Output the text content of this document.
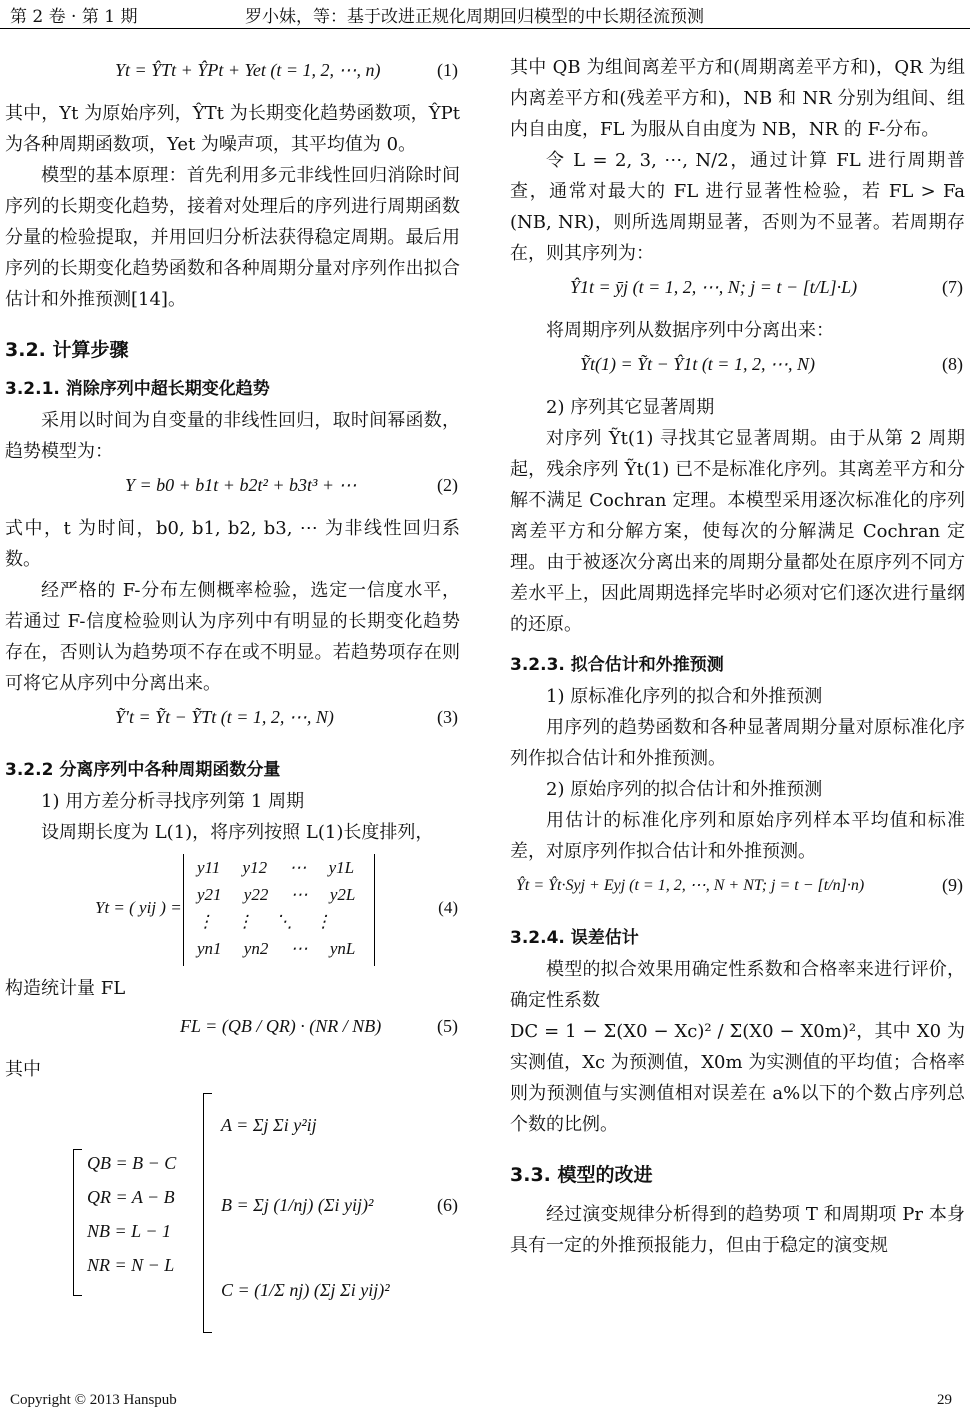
第 2 卷 · 第 1 期	罗小妹，等：基于改进正规化周期回归模型的中长期径流预测
Yt = ŶTt + ŶPt + Yet (t = 1, 2, ⋯, n)	(1)

其中，Yt 为原始序列，ŶTt 为长期变化趋势函数项，ŶPt 为各种周期函数项，Yet 为噪声项，其平均值为 0。

模型的基本原理：首先利用多元非线性回归消除时间序列的长期变化趋势，接着对处理后的序列进行周期函数分量的检验提取，并用回归分析法获得稳定周期。最后用序列的长期变化趋势函数和各种周期分量对序列作出拟合估计和外推预测[14]。

3.2. 计算步骤
3.2.1. 消除序列中超长期变化趋势

采用以时间为自变量的非线性回归，取时间幂函数，趋势模型为：

Y = b0 + b1t + b2t² + b3t³ + ⋯	(2)

式中，t 为时间，b0, b1, b2, b3, ⋯ 为非线性回归系数。

经严格的 F-分布左侧概率检验，选定一信度水平，若通过 F-信度检验则认为序列中有明显的长期变化趋势存在，否则认为趋势项不存在或不明显。若趋势项存在则可将它从序列中分离出来。

Ỹ′t = Ỹt − ỸTt (t = 1, 2, ⋯, N)	(3)
3.2.2 分离序列中各种周期函数分量

1) 用方差分析寻找序列第 1 周期

设周期长度为 L(1)，将序列按照 L(1)长度排列，

Yt = ( yij ) =
y11 y12 ⋯ y1L
y21 y22 ⋯ y2L
⋮ ⋮ ⋱ ⋮
yn1 yn2 ⋯ ynL
(4)

构造统计量 FL

FL = (QB / QR) · (NR / NB)	(5)

其中

QB = B − C
QR = A − B
NB = L − 1
NR = N − L
A = Σj Σi y²ij
B = Σj (1/nj) (Σi yij)²
C = (1/Σ nj) (Σj Σi yij)²
(6)

其中 QB 为组间离差平方和(周期离差平方和)，QR 为组内离差平方和(残差平方和)，NB 和 NR 分别为组间、组内自由度，FL 为服从自由度为 NB，NR 的 F-分布。

令 L = 2, 3, ⋯, N/2，通过计算 FL 进行周期普查，通常对最大的 FL 进行显著性检验，若 FL > Fa (NB, NR)，则所选周期显著，否则为不显著。若周期存在，则其序列为：

Ŷ1t = ȳj (t = 1, 2, ⋯, N; j = t − [t/L]·L)	(7)

将周期序列从数据序列中分离出来：

Ỹt(1) = Ỹt − Ŷ1t (t = 1, 2, ⋯, N)	(8)

2) 序列其它显著周期

对序列 Ỹt(1) 寻找其它显著周期。由于从第 2 周期起，残余序列 Ỹt(1) 已不是标准化序列。其离差平方和分解不满足 Cochran 定理。本模型采用逐次标准化的序列离差平方和分解方案，使每次的分解满足 Cochran 定理。由于被逐次分离出来的周期分量都处在原序列不同方差水平上，因此周期选择完毕时必须对它们逐次进行量纲的还原。

3.2.3. 拟合估计和外推预测

1) 原标准化序列的拟合和外推预测

用序列的趋势函数和各种显著周期分量对原标准化序列作拟合估计和外推预测。

2) 原始序列的拟合估计和外推预测

用估计的标准化序列和原始序列样本平均值和标准差，对原序列作拟合估计和外推预测。

Ŷt = Ŷt·Syj + Eyj (t = 1, 2, ⋯, N + NT; j = t − [t/n]·n)	(9)
3.2.4. 误差估计

模型的拟合效果用确定性系数和合格率来进行评价，确定性系数

DC = 1 − Σ(X0 − Xc)² / Σ(X0 − X0m)²，其中 X0 为实测值，Xc 为预测值，X0m 为实测值的平均值；合格率则为预测值与实测值相对误差在 a%以下的个数占序列总个数的比例。

3.3. 模型的改进

经过演变规律分析得到的趋势项 T 和周期项 Pr 本身具有一定的外推预报能力，但由于稳定的演变规

Copyright © 2013 Hanspub	29
